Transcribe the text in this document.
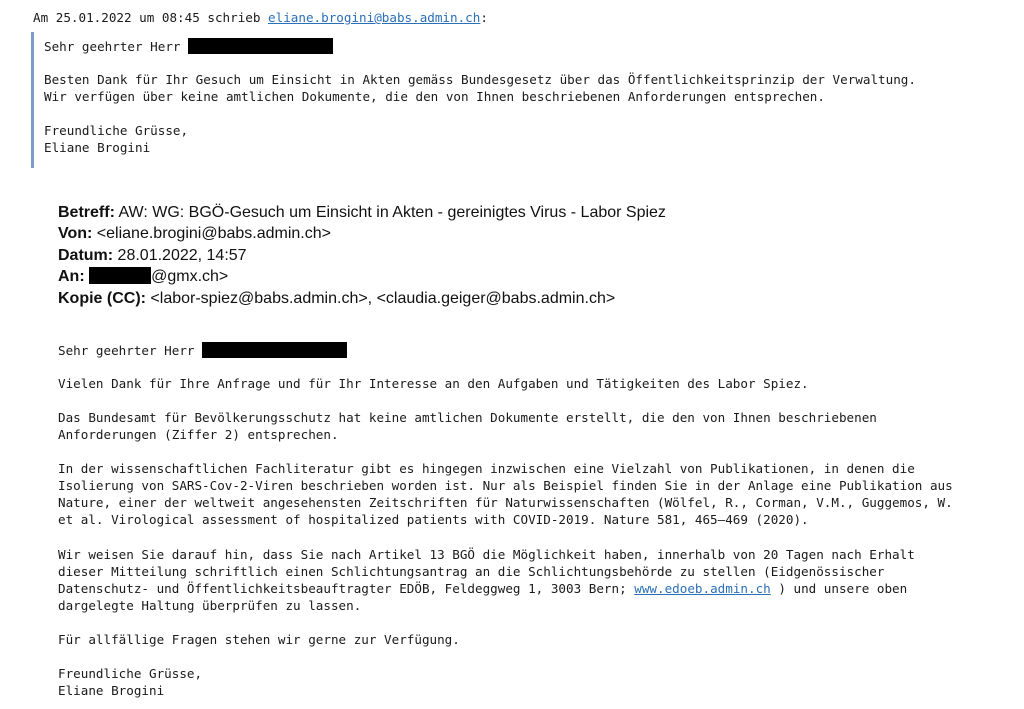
Am 25.01.2022 um 08:45 schrieb eliane.brogini@babs.admin.ch:
Sehr geehrter Herr
Besten Dank für Ihr Gesuch um Einsicht in Akten gemäss Bundesgesetz über das Öffentlichkeitsprinzip der Verwaltung.
Wir verfügen über keine amtlichen Dokumente, die den von Ihnen beschriebenen Anforderungen entsprechen.
Freundliche Grüsse,
Eliane Brogini
Betreff: AW: WG: BGÖ-Gesuch um Einsicht in Akten - gereinigtes Virus - Labor Spiez
Von: <eliane.brogini@babs.admin.ch>
Datum: 28.01.2022, 14:57
An:	@gmx.ch>
Kopie (CC): <labor-spiez@babs.admin.ch>, <claudia.geiger@babs.admin.ch>
Sehr geehrter Herr
Vielen Dank für Ihre Anfrage und für Ihr Interesse an den Aufgaben und Tätigkeiten des Labor Spiez.
Das Bundesamt für Bevölkerungsschutz hat keine amtlichen Dokumente erstellt, die den von Ihnen beschriebenen
Anforderungen (Ziffer 2) entsprechen.
In der wissenschaftlichen Fachliteratur gibt es hingegen inzwischen eine Vielzahl von Publikationen, in denen die
Isolierung von SARS-Cov-2-Viren beschrieben worden ist. Nur als Beispiel finden Sie in der Anlage eine Publikation aus
Nature, einer der weltweit angesehensten Zeitschriften für Naturwissenschaften (Wölfel, R., Corman, V.M., Guggemos, W.
et al. Virological assessment of hospitalized patients with COVID-2019. Nature 581, 465–469 (2020).
Wir weisen Sie darauf hin, dass Sie nach Artikel 13 BGÖ die Möglichkeit haben, innerhalb von 20 Tagen nach Erhalt
dieser Mitteilung schriftlich einen Schlichtungsantrag an die Schlichtungsbehörde zu stellen (Eidgenössischer
Datenschutz- und Öffentlichkeitsbeauftragter EDÖB, Feldeggweg 1, 3003 Bern; www.edoeb.admin.ch ) und unsere oben
dargelegte Haltung überprüfen zu lassen.
Für allfällige Fragen stehen wir gerne zur Verfügung.
Freundliche Grüsse,
Eliane Brogini
